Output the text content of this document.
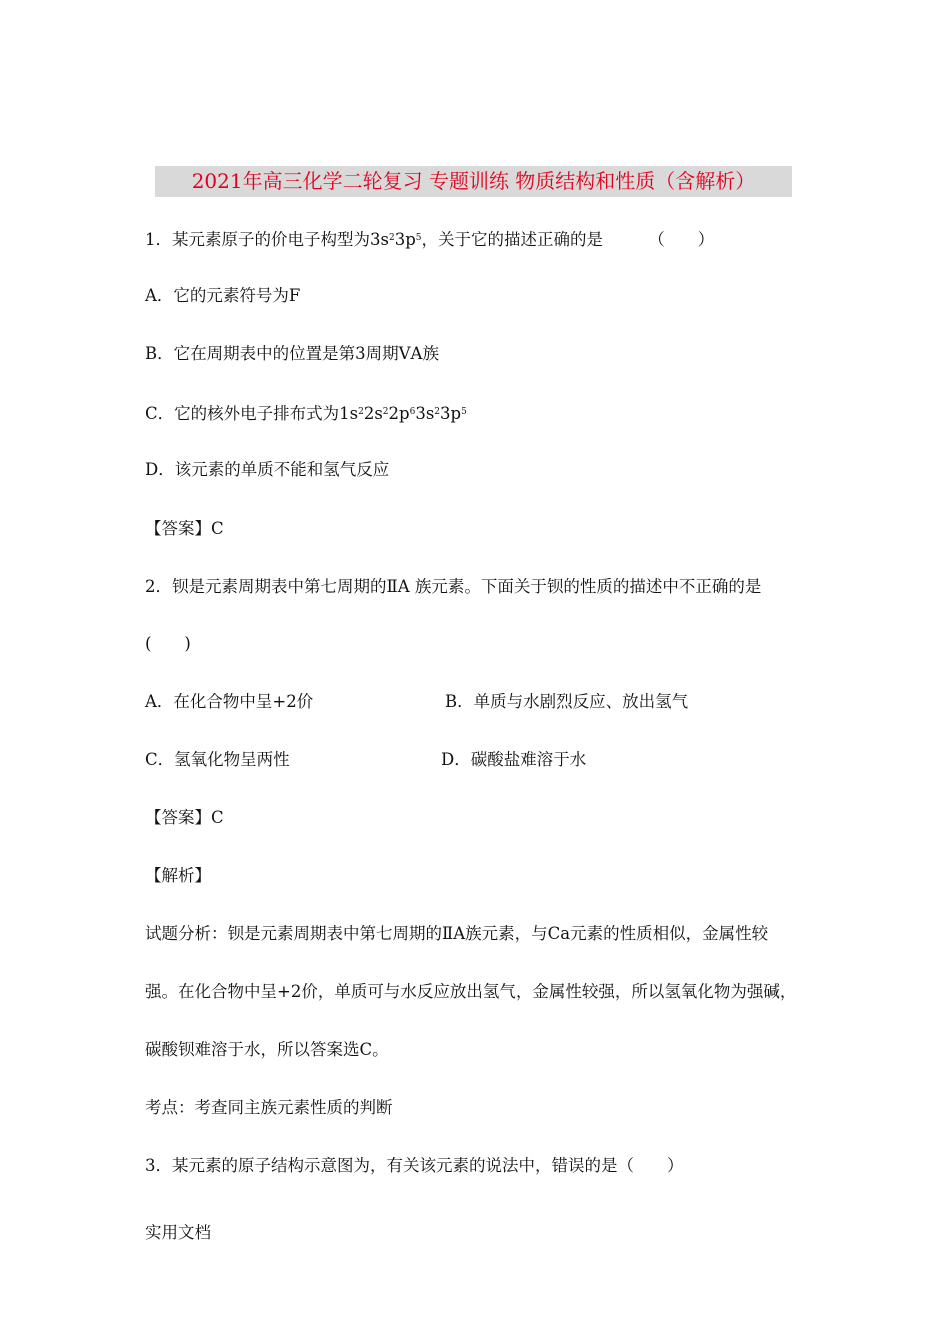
2021年高三化学二轮复习 专题训练 物质结构和性质（含解析）
1．某元素原子的价电子构型为$3s^23p^5$，关于它的描述正确的是	（　　）
A．它的元素符号为F
B．它在周期表中的位置是第3周期ⅤA族
C．它的核外电子排布式为$1s^22s^22p^63s^23p^5$
D．该元素的单质不能和氢气反应
【答案】C
2．钡是元素周期表中第七周期的ⅡA 族元素。下面关于钡的性质的描述中不正确的是
(　　)
A．在化合物中呈+2价	B．单质与水剧烈反应、放出氢气
C．氢氧化物呈两性	D．碳酸盐难溶于水
【答案】C
【解析】
试题分析：钡是元素周期表中第七周期的ⅡA族元素，与Ca元素的性质相似，金属性较
强。在化合物中呈+2价，单质可与水反应放出氢气，金属性较强，所以氢氧化物为强碱，
碳酸钡难溶于水，所以答案选C。
考点：考查同主族元素性质的判断
3．某元素的原子结构示意图为，有关该元素的说法中，错误的是（　　）
实用文档
